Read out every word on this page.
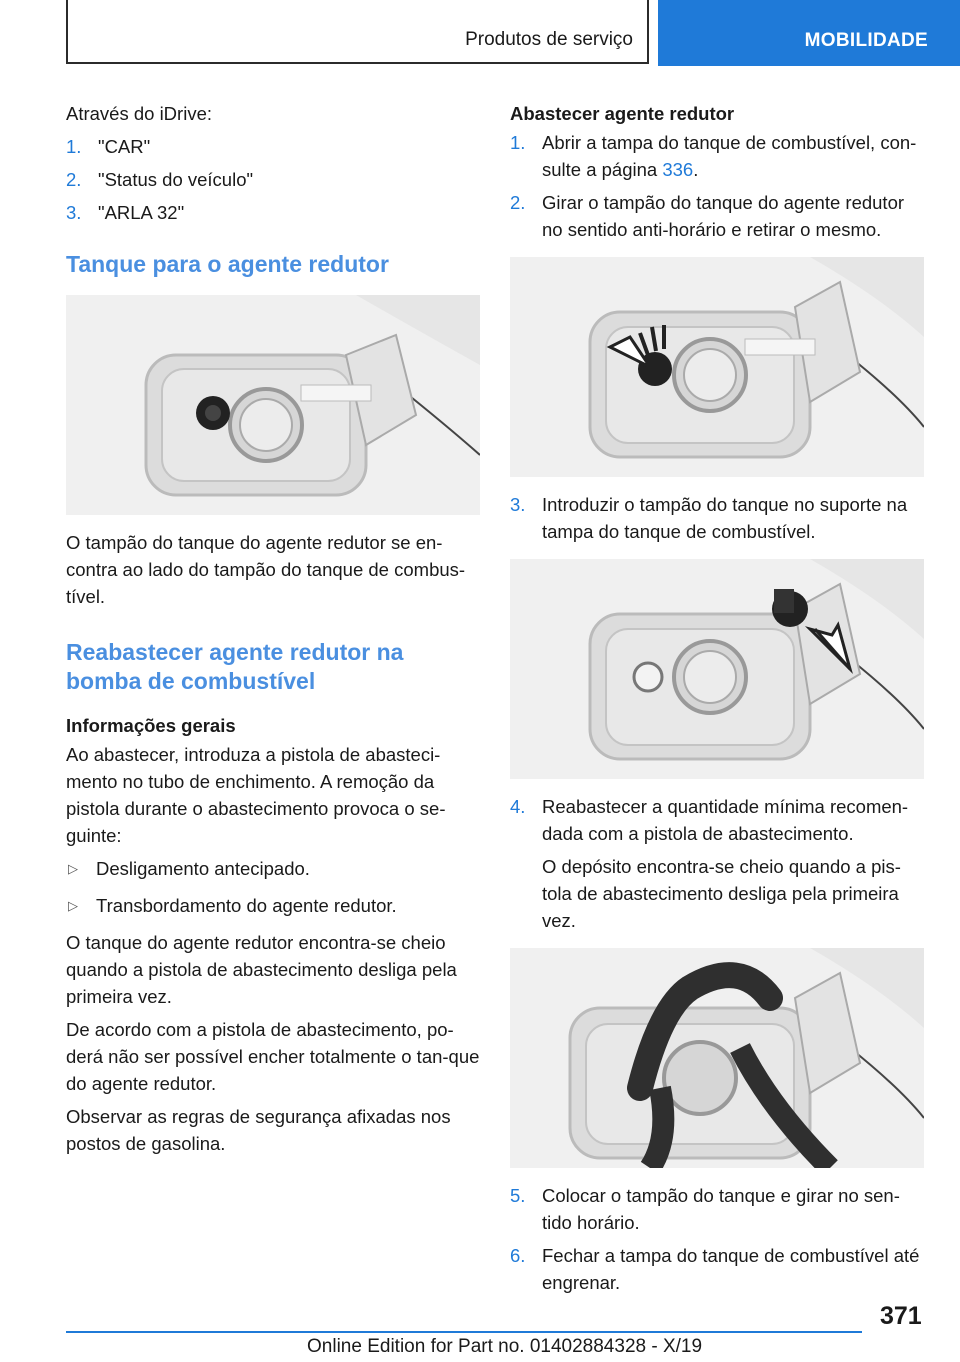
Produtos de serviço	MOBILIDADE

Através do iDrive:

1. "CAR"
2. "Status do veículo"
3. "ARLA 32"
Tanque para o agente redutor

O tampão do tanque do agente redutor se en-contra ao lado do tampão do tanque de combus-tível.

Reabastecer agente redutor na bomba de combustível
Informações gerais

Ao abastecer, introduza a pistola de abasteci-mento no tubo de enchimento. A remoção da pistola durante o abastecimento provoca o se-guinte:

▷ Desligamento antecipado.
▷ Transbordamento do agente redutor.

O tanque do agente redutor encontra-se cheio quando a pistola de abastecimento desliga pela primeira vez.

De acordo com a pistola de abastecimento, po-derá não ser possível encher totalmente o tan-que do agente redutor.

Observar as regras de segurança afixadas nos postos de gasolina.

Abastecer agente redutor
1. Abrir a tampa do tanque de combustível, con-sulte a página 336.
2. Girar o tampão do tanque do agente redutor no sentido anti-horário e retirar o mesmo.
3. Introduzir o tampão do tanque no suporte na tampa do tanque de combustível.
4. Reabastecer a quantidade mínima recomen-dada com a pistola de abastecimento.

O depósito encontra-se cheio quando a pis-tola de abastecimento desliga pela primeira vez.

5. Colocar o tampão do tanque e girar no sen-tido horário.
6. Fechar a tampa do tanque de combustível até engrenar.
371
Online Edition for Part no. 01402884328 - X/19
